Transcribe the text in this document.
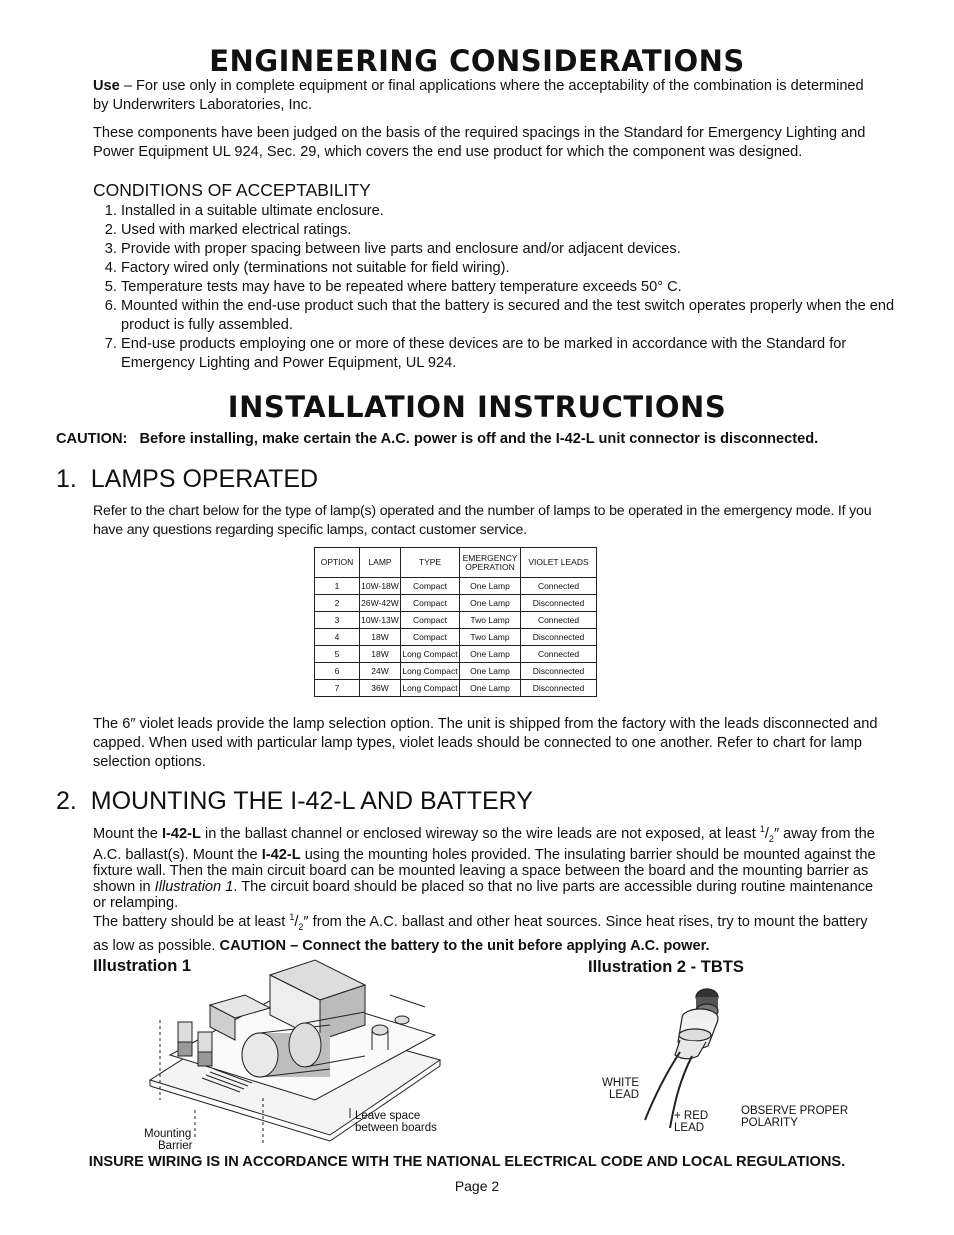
ENGINEERING CONSIDERATIONS
Use – For use only in complete equipment or final applications where the acceptability of the combination is determined by Underwriters Laboratories, Inc.
These components have been judged on the basis of the required spacings in the Standard for Emergency Lighting and Power Equipment UL 924, Sec. 29, which covers the end use product for which the component was designed.
CONDITIONS OF ACCEPTABILITY
1. Installed in a suitable ultimate enclosure.
2. Used with marked electrical ratings.
3. Provide with proper spacing between live parts and enclosure and/or adjacent devices.
4. Factory wired only (terminations not suitable for field wiring).
5. Temperature tests may have to be repeated where battery temperature exceeds 50° C.
6. Mounted within the end-use product such that the battery is secured and the test switch operates properly when the end product is fully assembled.
7. End-use products employing one or more of these devices are to be marked in accordance with the Standard for Emergency Lighting and Power Equipment, UL 924.
INSTALLATION INSTRUCTIONS
CAUTION:   Before installing, make certain the A.C. power is off and the I-42-L unit connector is disconnected.
1.  LAMPS OPERATED
Refer to the chart below for the type of lamp(s) operated and the number of lamps to be operated in the emergency mode. If you have any questions regarding specific lamps, contact customer service.
OPTION	LAMP	TYPE	EMERGENCY OPERATION	VIOLET LEADS
1	10W-18W	Compact	One Lamp	Connected
2	26W-42W	Compact	One Lamp	Disconnected
3	10W-13W	Compact	Two Lamp	Connected
4	18W	Compact	Two Lamp	Disconnected
5	18W	Long Compact	One Lamp	Connected
6	24W	Long Compact	One Lamp	Disconnected
7	36W	Long Compact	One Lamp	Disconnected
The 6″ violet leads provide the lamp selection option. The unit is shipped from the factory with the leads disconnected and capped. When used with particular lamp types, violet leads should be connected to one another. Refer to chart for lamp selection options.
2.  MOUNTING THE I-42-L AND BATTERY
Mount the I-42-L in the ballast channel or enclosed wireway so the wire leads are not exposed, at least $^1/_2''$ away from the A.C. ballast(s). Mount the I-42-L using the mounting holes provided. The insulating barrier should be mounted against the fixture wall. Then the main circuit board can be mounted leaving a space between the board and the mounting barrier as shown in Illustration 1. The circuit board should be placed so that no live parts are accessible during routine maintenance or relamping.
The battery should be at least $^1/_2''$ from the A.C. ballast and other heat sources. Since heat rises, try to mount the battery as low as possible. CAUTION – Connect the battery to the unit before applying A.C. power.
Illustration 1	Illustration 2 - TBTS
Mounting
Barrier
Leave space
between boards
WHITE
LEAD
+ RED
LEAD
OBSERVE PROPER
POLARITY
INSURE WIRING IS IN ACCORDANCE WITH THE NATIONAL ELECTRICAL CODE AND LOCAL REGULATIONS.
Page 2
